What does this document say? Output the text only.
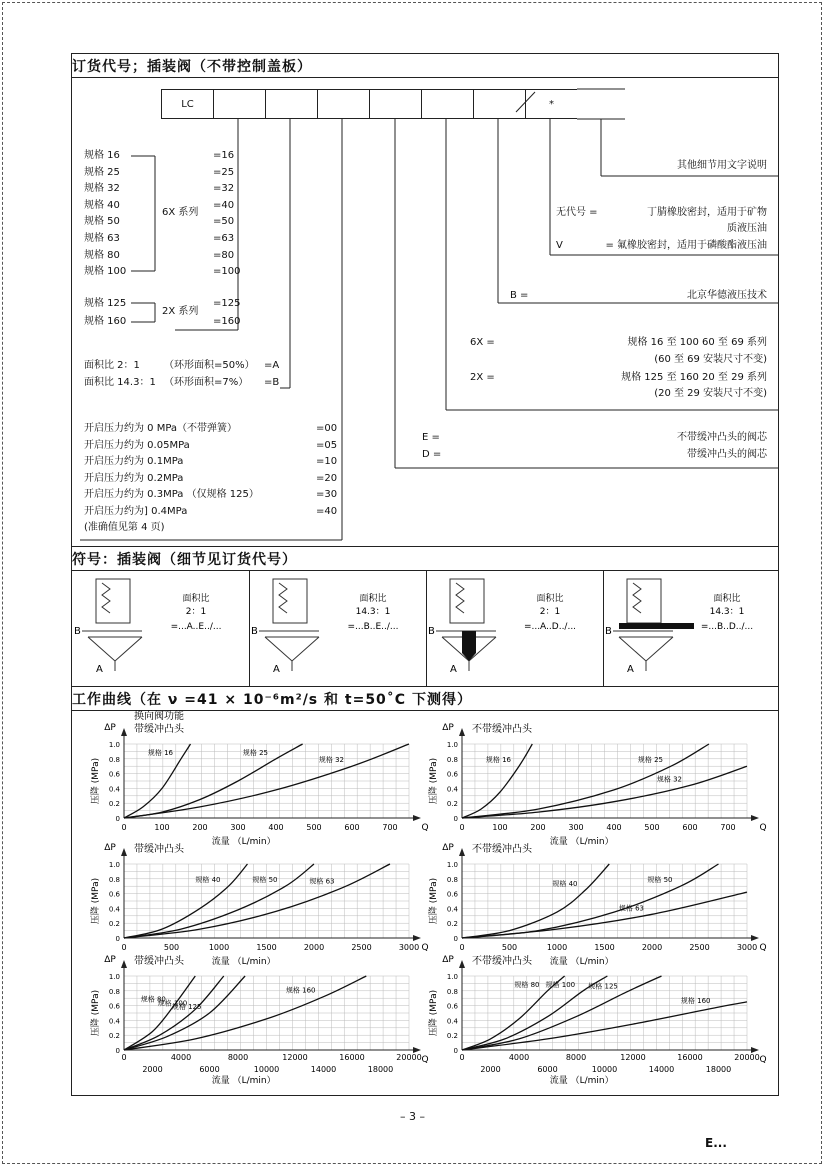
订货代号；插装阀（不带控制盖板）
LC	*
规格 16	=16
规格 25	=25
规格 32	=32
规格 40	=40
规格 50	=50
规格 63	=63
规格 80	=80
规格 100	=100
6X 系列
规格 125	=125
规格 160	=160
2X 系列
面积比 2：1 （环形面积=50%） =A
面积比 14.3：1 （环形面积=7%） =B
开启压力约为 0 MPa（不带弹簧）	=00
开启压力约为 0.05MPa	=05
开启压力约为 0.1MPa	=10
开启压力约为 0.2MPa	=20
开启压力约为 0.3MPa （仅规格 125）	=30
开启压力约为] 0.4MPa	=40
(准确值见第 4 页)
其他细节用文字说明
无代号 =	丁腈橡胶密封，适用于矿物
质液压油
V	= 氟橡胶密封，适用于磷酸酯液压油
B =	北京华德液压技术
6X =	规格 16 至 100 60 至 69 系列
(60 至 69 安装尺寸不变)
2X =	规格 125 至 160 20 至 29 系列
(20 至 29 安装尺寸不变)
E =	不带缓冲凸头的阀芯
D =	带缓冲凸头的阀芯
符号：插装阀（细节见订货代号）
面积比
2：1
=...A..E../...
B
A
面积比
14.3：1
=...B..E../...
B
A
面积比
2：1
=...A..D../...
B
A
面积比
14.3：1
=...B..D../...
B
A
工作曲线（在 ν =41 × 10⁻⁶m²/s 和 t=50˚C 下测得）
0
0.2
0.4
0.6
0.8
1.0
0	100	200	300	400	500	600	700
ΔP
Q
压降 (MPa)
换向阀功能
带缓冲凸头
流量 （L/min）
规格 16	规格 25
规格 32
0
0.2
0.4
0.6
0.8
1.0
0	100	200	300	400	500	600	700
ΔP
Q
压降 (MPa)
不带缓冲凸头
流量 （L/min）
规格 16	规格 25
规格 32
0
0.2
0.4
0.6
0.8
1.0
0	500	1000	1500	2000	2500	3000
ΔP
Q
压降 (MPa)
带缓冲凸头
流量 （L/min）
规格 40	规格 50	规格 63
0
0.2
0.4
0.6
0.8
1.0
0	500	1000	1500	2000	2500	3000
ΔP
Q
压降 (MPa)
不带缓冲凸头
流量 （L/min）
规格 40	规格 50
规格 63
0
0.2
0.4
0.6
0.8
1.0
0
2000
4000
6000
8000
10000
12000
14000
16000
18000
20000
ΔP
Q
压降 (MPa)
带缓冲凸头
流量 （L/min）
规格 80
规格 100
规格 125
规格 160
0
0.2
0.4
0.6
0.8
1.0
0
2000
4000
6000
8000
10000
12000
14000
16000
18000
20000
ΔP
Q
压降 (MPa)
不带缓冲凸头
流量 （L/min）
规格 80 规格 100 规格 125
规格 160
– 3 –
E...
